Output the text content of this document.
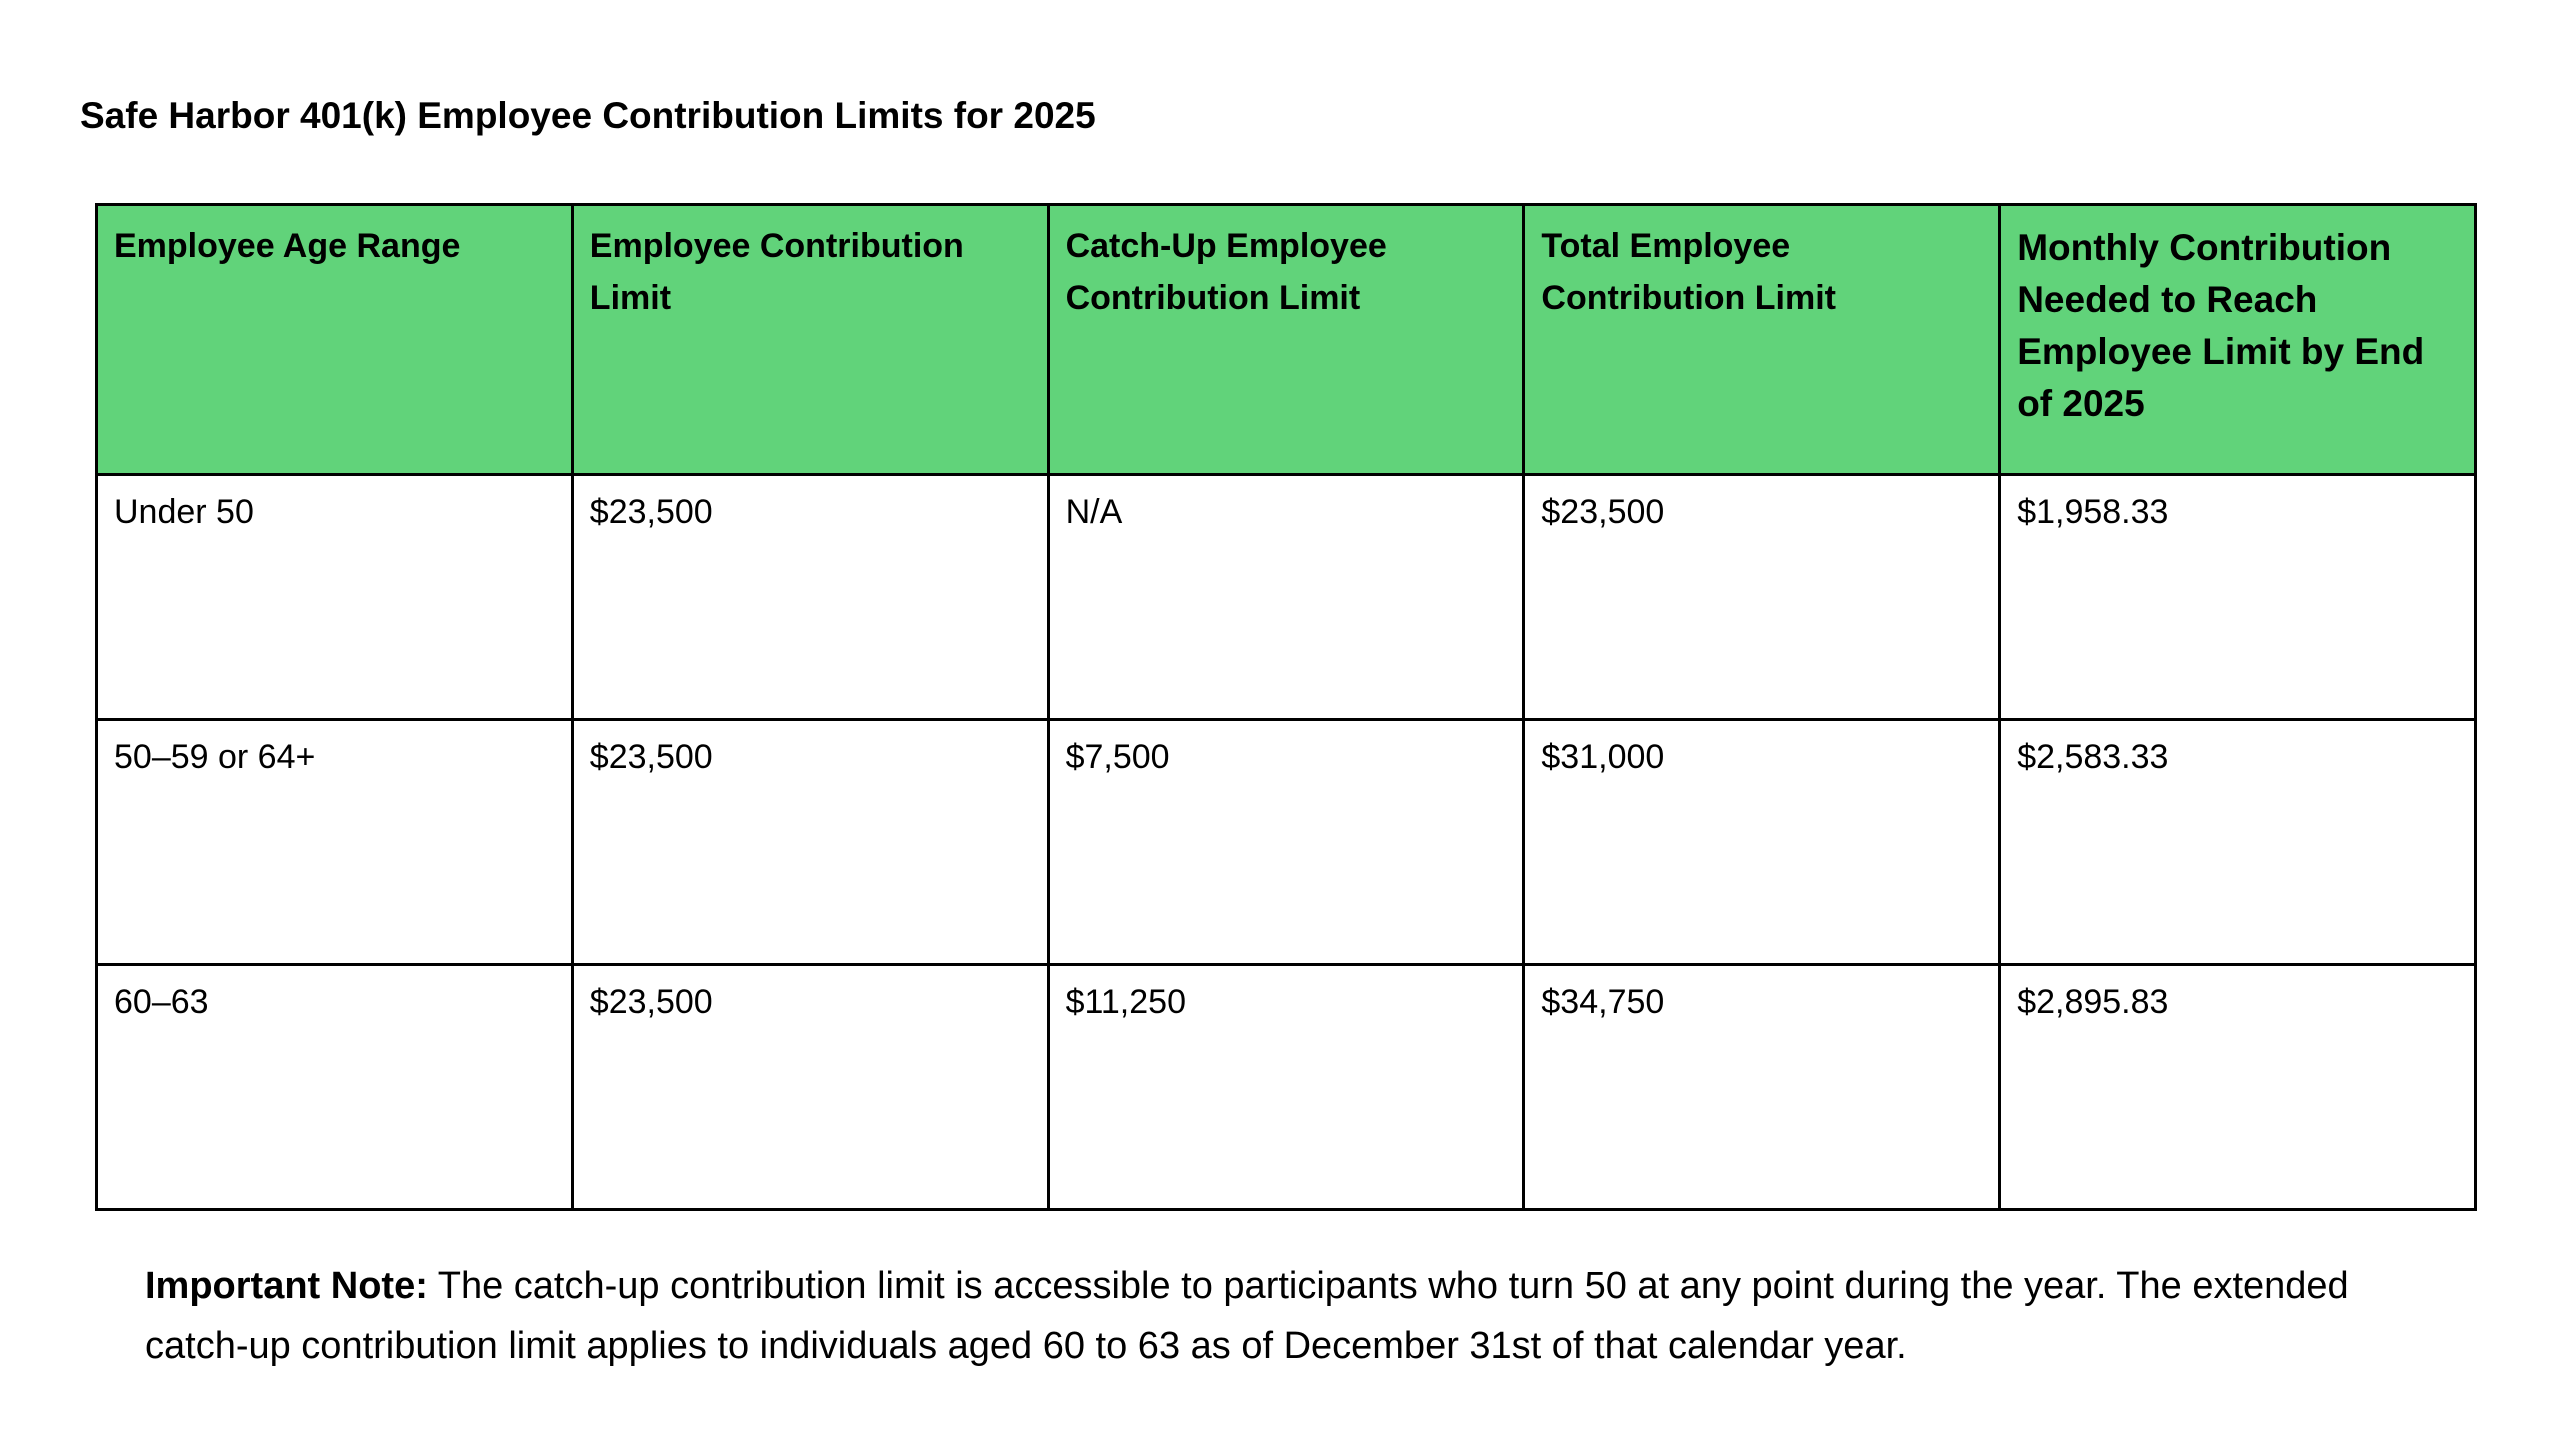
Safe Harbor 401(k) Employee Contribution Limits for 2025
Employee Age Range	Employee Contribution Limit	Catch-Up Employee Contribution Limit	Total Employee Contribution Limit	Monthly Contribution Needed to Reach Employee Limit by End of 2025
Under 50	$23,500	N/A	$23,500	$1,958.33
50–59 or 64+	$23,500	$7,500	$31,000	$2,583.33
60–63	$23,500	$11,250	$34,750	$2,895.83
Important Note: The catch-up contribution limit is accessible to participants who turn 50 at any point during the year. The extended catch-up contribution limit applies to individuals aged 60 to 63 as of December 31st of that calendar year.
